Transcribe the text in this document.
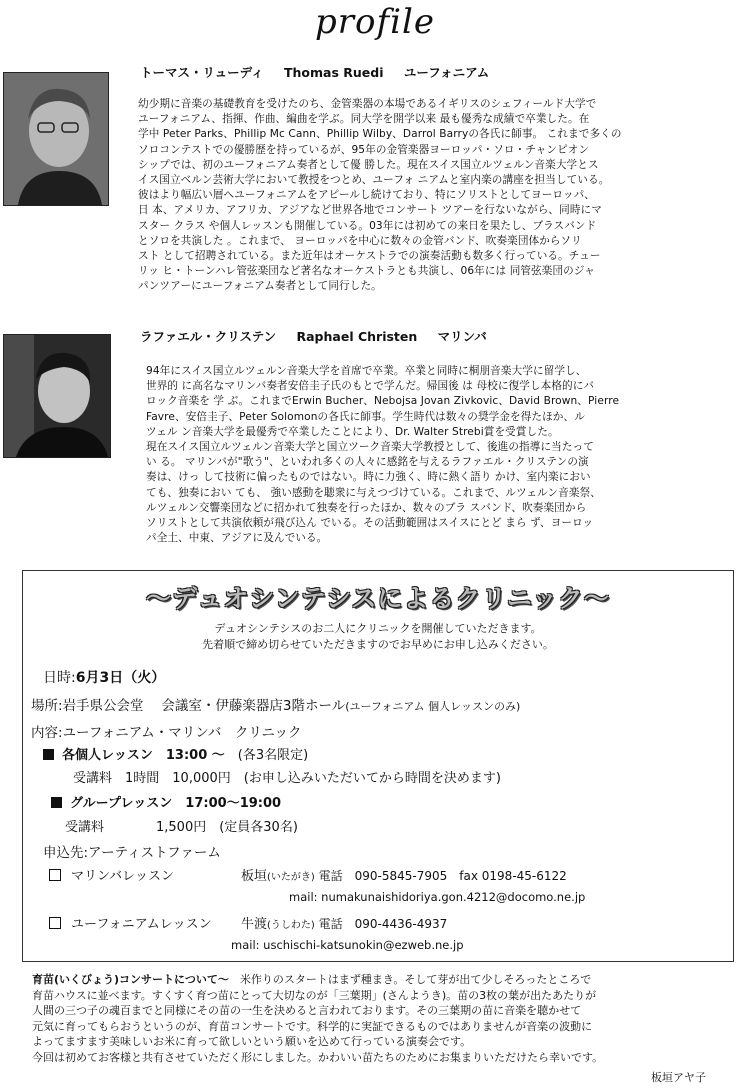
profile
トーマス・リューディ Thomas Ruedi ユーフォニアム
幼少期に音楽の基礎教育を受けたのち、金管楽器の本場であるイギリスのシェフィールド大学で
ユーフォニアム、指揮、作曲、編曲を学ぶ。同大学を開学以来 最も優秀な成績で卒業した。在
学中 Peter Parks、Phillip Mc Cann、Phillip Wilby、Darrol Barryの各氏に師事。 これまで多くの
ソロコンテストでの優勝歴を持っているが、95年の金管楽器ヨーロッパ・ソロ・チャンピオン
シップでは、初のユーフォニアム奏者として優 勝した。現在スイス国立ルツェルン音楽大学とス
イス国立ベルン芸術大学において教授をつとめ、ユーフォ ニアムと室内楽の講座を担当している。
彼はより幅広い層へユーフォニアムをアピールし続けており、特にソリストとしてヨーロッパ、
日 本、アメリカ、アフリカ、アジアなど世界各地でコンサート ツアーを行ないながら、同時にマ
スター クラス や個人レッスンも開催している。03年には初めての来日を果たし、ブラスバンド
とソロを共演した 。これまで、 ヨーロッパを中心に数々の金管バンド、吹奏楽団体からソリ
スト として招聘されている。また近年はオーケストラでの演奏活動も数多く行っている。チュー
リッ ヒ・トーンハレ管弦楽団など著名なオーケストラとも共演し、06年には 同管弦楽団のジャ
パンツアーにユーフォニアム奏者として同行した。
ラファエル・クリステン Raphael Christen マリンバ
94年にスイス国立ルツェルン音楽大学を首席で卒業。卒業と同時に桐朋音楽大学に留学し、
世界的 に高名なマリンバ奏者安倍圭子氏のもとで学んだ。帰国後 は 母校に復学し本格的にバ
ロック音楽を 学 ぶ。これまでErwin Bucher、Nebojsa Jovan Zivkovic、David Brown、Pierre
Favre、安倍圭子、Peter Solomonの各氏に師事。学生時代は数々の奨学金を得たほか、ル
ツェル ン音楽大学を最優秀で卒業したことにより、Dr. Walter Strebi賞を受賞した。
現在スイス国立ルツェルン音楽大学と国立ツーク音楽大学教授として、後進の指導に当たって
い る。 マリンバが"歌う"、といわれ多くの人々に感銘を与えるラファエル・クリステンの演
奏は、けっ して技術に偏ったものではない。時に力強く、時に熱く語り かけ、室内楽におい
ても、独奏におい ても、 強い感動を聴衆に与えつづけている。これまで、ルツェルン音楽祭、
ルツェルン交響楽団などに招かれて独奏を行ったほか、数々のブラ スバンド、吹奏楽団から
ソリストとして共演依頼が飛び込ん でいる。その活動範囲はスイスにとど まら ず、ヨーロッ
パ全土、中東、アジアに及んでいる。
～デュオシンテシスによるクリニック～
デュオシンテシスのお二人にクリニックを開催していただきます。
先着順で締め切らせていただきますのでお早めにお申し込みください。
日時:6月3日（火）
場所:岩手県公会堂　 会議室・伊藤楽器店3階ホール(ユーフォニアム 個人レッスンのみ)
内容:ユーフォニアム・マリンバ　クリニック
各個人レッスン　13:00 ～　(各3名限定)
受講料　1時間　10,000円　(お申し込みいただいてから時間を決めます)
グループレッスン　17:00～19:00
受講料　　　　1,500円　(定員各30名)
申込先:アーティストファーム
マリンバレッスン	板垣(いたがき) 電話　090-5845-7905　fax 0198-45-6122
mail: numakunaishidoriya.gon.4212@docomo.ne.jp
ユーフォニアムレッスン 牛渡(うしわた) 電話　090-4436-4937
mail: uschischi-katsunokin@ezweb.ne.jp
育苗(いくびょう)コンサートについて～　米作りのスタートはまず種まき。そして芽が出て少しそろったところで
育苗ハウスに並べます。すくすく育つ苗にとって大切なのが「三葉期」(さんようき)。苗の3枚の葉が出たあたりが
人間の三つ子の魂百までと同様にその苗の一生を決めると言われております。その三葉期の苗に音楽を聴かせて
元気に育ってもらおうというのが、育苗コンサートです。科学的に実証できるものではありませんが音楽の波動に
よってますます美味しいお米に育って欲しいという願いを込めて行っている演奏会です。
今回は初めてお客様と共有させていただく形にしました。かわいい苗たちのためにお集まりいただけたら幸いです。
板垣アヤ子
